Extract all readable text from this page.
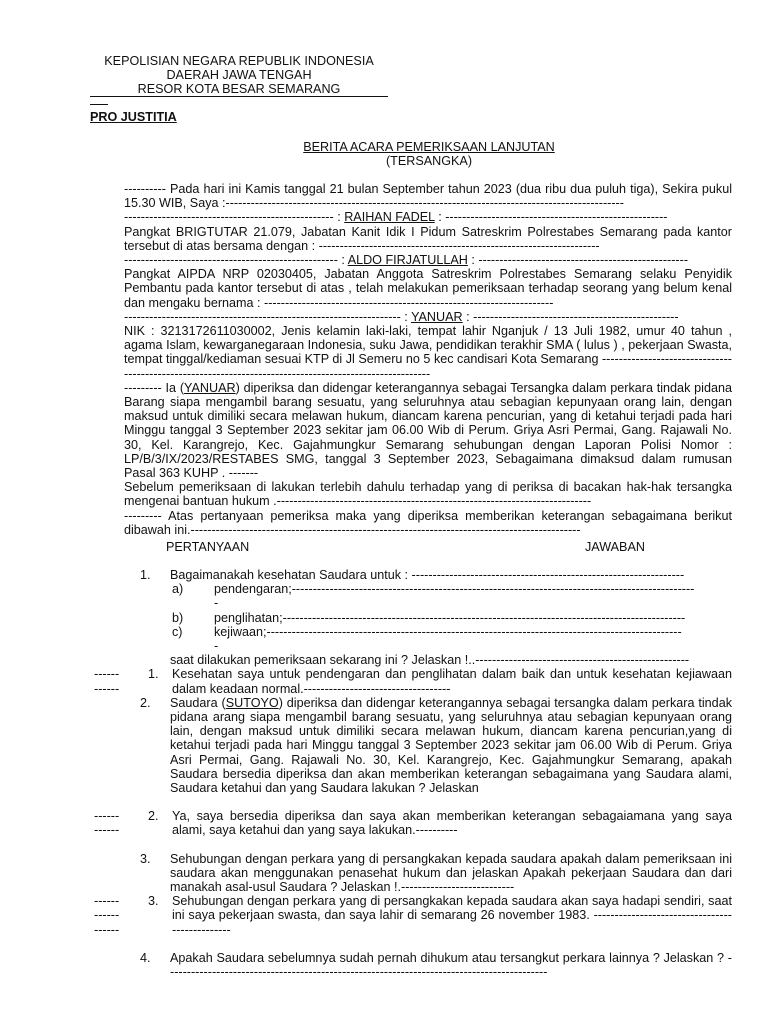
KEPOLISIAN NEGARA REPUBLIK INDONESIA
DAERAH JAWA TENGAH
RESOR KOTA BESAR SEMARANG
PRO JUSTITIA
BERITA ACARA PEMERIKSAAN LANJUTAN
(TERSANGKA)

---------- Pada hari ini Kamis tanggal 21 bulan September tahun 2023 (dua ribu dua puluh tiga), Sekira pukul 15.30 WIB, Saya :-----------------------------------------------------------------------------------------------

-------------------------------------------------- : RAIHAN FADEL : -----------------------------------------------------

Pangkat BRIGTUTAR 21.079, Jabatan Kanit Idik I Pidum Satreskrim Polrestabes Semarang pada kantor tersebut di atas bersama dengan : -------------------------------------------------------------------

--------------------------------------------------- : ALDO FIRJATULLAH : --------------------------------------------------

Pangkat AIPDA NRP 02030405, Jabatan Anggota Satreskrim Polrestabes Semarang selaku Penyidik Pembantu pada kantor tersebut di atas , telah melakukan pemeriksaan terhadap seorang yang belum kenal dan mengaku bernama : ---------------------------------------------------------------------

------------------------------------------------------------------ : YANUAR : -------------------------------------------------

NIK : 3213172611030002, Jenis kelamin laki-laki, tempat lahir Nganjuk / 13 Juli 1982, umur 40 tahun , agama Islam, kewarganegaraan Indonesia, suku Jawa, pendidikan terakhir SMA ( lulus ) , pekerjaan Swasta, tempat tinggal/kediaman sesuai KTP di Jl Semeru no 5 kec candisari Kota Semarang --------------------------------------------------------------------------------------------------------

--------- Ia (YANUAR) diperiksa dan didengar keterangannya sebagai Tersangka dalam perkara tindak pidana Barang siapa mengambil barang sesuatu, yang seluruhnya atau sebagian kepunyaan orang lain, dengan maksud untuk dimiliki secara melawan hukum, diancam karena pencurian, yang di ketahui terjadi pada hari Minggu tanggal 3 September 2023 sekitar jam 06.00 Wib di Perum. Griya Asri Permai, Gang. Rajawali No. 30, Kel. Karangrejo, Kec. Gajahmungkur Semarang sehubungan dengan Laporan Polisi Nomor : LP/B/3/IX/2023/RESTABES SMG, tanggal 3 September 2023, Sebagaimana dimaksud dalam rumusan Pasal 363 KUHP . -------

Sebelum pemeriksaan di lakukan terlebih dahulu terhadap yang di periksa di bacakan hak-hak tersangka mengenai bantuan hukum .---------------------------------------------------------------------------

--------- Atas pertanyaan pemeriksa maka yang diperiksa memberikan keterangan sebagaimana berikut dibawah ini.---------------------------------------------------------------------------------------------

PERTANYAAN	JAWABAN
1. Bagaimanakah kesehatan Saudara untuk : -----------------------------------------------------------------

a) pendengaran;------------------------------------------------------------------------------------------------
-
b) penglihatan;------------------------------------------------------------------------------------------------
c)	kejiwaan;---------------------------------------------------------------------------------------------------
-

saat dilakukan pemeriksaan sekarang ini ? Jelaskan !..---------------------------------------------------

------
------
1. Kesehatan saya untuk pendengaran dan penglihatan dalam baik dan untuk kesehatan kejiawaan dalam keadaan normal.-----------------------------------

2. Saudara (SUTOYO) diperiksa dan didengar keterangannya sebagai tersangka dalam perkara tindak pidana arang siapa mengambil barang sesuatu, yang seluruhnya atau sebagian kepunyaan orang lain, dengan maksud untuk dimiliki secara melawan hukum, diancam karena pencurian,yang di ketahui terjadi pada hari Minggu tanggal 3 September 2023 sekitar jam 06.00 Wib di Perum. Griya Asri Permai, Gang. Rajawali No. 30, Kel. Karangrejo, Kec. Gajahmungkur Semarang, apakah Saudara bersedia diperiksa dan akan memberikan keterangan sebagaimana yang Saudara alami, Saudara ketahui dan yang Saudara lakukan ? Jelaskan

------
------
2. Ya, saya bersedia diperiksa dan saya akan memberikan keterangan sebagaiamana yang saya alami, saya ketahui dan yang saya lakukan.----------

3. Sehubungan dengan perkara yang di persangkakan kepada saudara apakah dalam pemeriksaan ini saudara akan menggunakan penasehat hukum dan jelaskan Apakah pekerjaan Saudara dan dari manakah asal-usul Saudara ? Jelaskan !.---------------------------

------
------
------
3. Sehubungan dengan perkara yang di persangkakan kepada saudara akan saya hadapi sendiri, saat ini saya pekerjaan swasta, dan saya lahir di semarang 26 november 1983. -----------------------------------------------

4. Apakah Saudara sebelumnya sudah pernah dihukum atau tersangkut perkara lainnya ? Jelaskan ? -------------------------------------------------------------------------------------------
